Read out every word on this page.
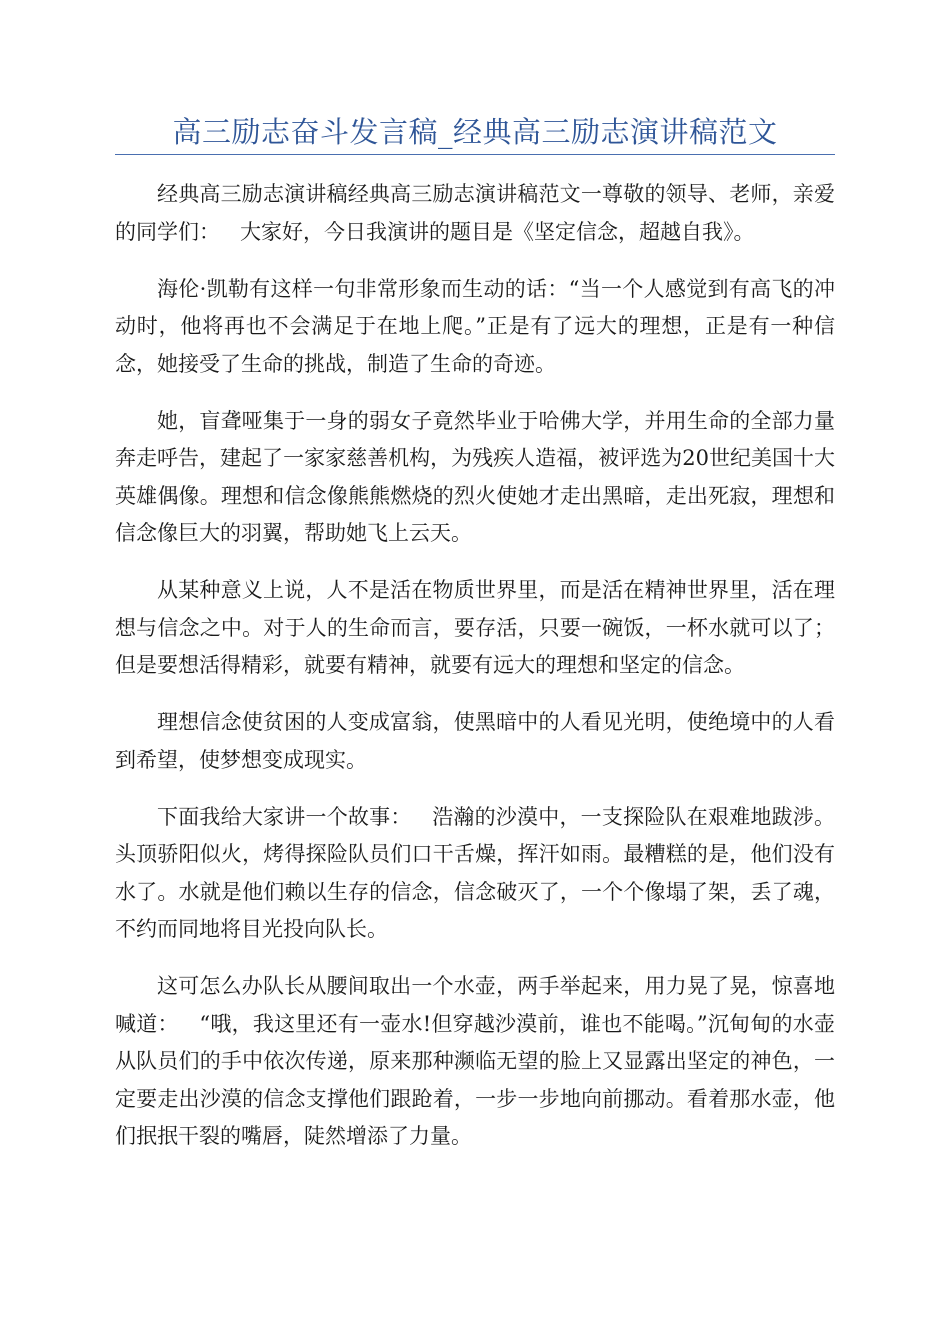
高三励志奋斗发言稿_经典高三励志演讲稿范文

经典高三励志演讲稿经典高三励志演讲稿范文一尊敬的领导、老师，亲爱的同学们：   大家好，今日我演讲的题目是《坚定信念，超越自我》。

海伦·凯勒有这样一句非常形象而生动的话：“当一个人感觉到有高飞的冲动时，他将再也不会满足于在地上爬。”正是有了远大的理想，正是有一种信念，她接受了生命的挑战，制造了生命的奇迹。

她，盲聋哑集于一身的弱女子竟然毕业于哈佛大学，并用生命的全部力量奔走呼告，建起了一家家慈善机构，为残疾人造福，被评选为20世纪美国十大英雄偶像。理想和信念像熊熊燃烧的烈火使她才走出黑暗，走出死寂，理想和信念像巨大的羽翼，帮助她飞上云天。

从某种意义上说，人不是活在物质世界里，而是活在精神世界里，活在理想与信念之中。对于人的生命而言，要存活，只要一碗饭，一杯水就可以了；  但是要想活得精彩，就要有精神，就要有远大的理想和坚定的信念。

理想信念使贫困的人变成富翁，使黑暗中的人看见光明，使绝境中的人看到希望，使梦想变成现实。

下面我给大家讲一个故事：   浩瀚的沙漠中，一支探险队在艰难地跋涉。头顶骄阳似火，烤得探险队员们口干舌燥，挥汗如雨。最糟糕的是，他们没有水了。水就是他们赖以生存的信念，信念破灭了，一个个像塌了架，丢了魂，不约而同地将目光投向队长。

这可怎么办队长从腰间取出一个水壶，两手举起来，用力晃了晃，惊喜地喊道：   “哦，我这里还有一壶水!但穿越沙漠前，谁也不能喝。”沉甸甸的水壶从队员们的手中依次传递，原来那种濒临无望的脸上又显露出坚定的神色，一定要走出沙漠的信念支撑他们跟跄着，一步一步地向前挪动。看着那水壶，他们抿抿干裂的嘴唇，陡然增添了力量。
